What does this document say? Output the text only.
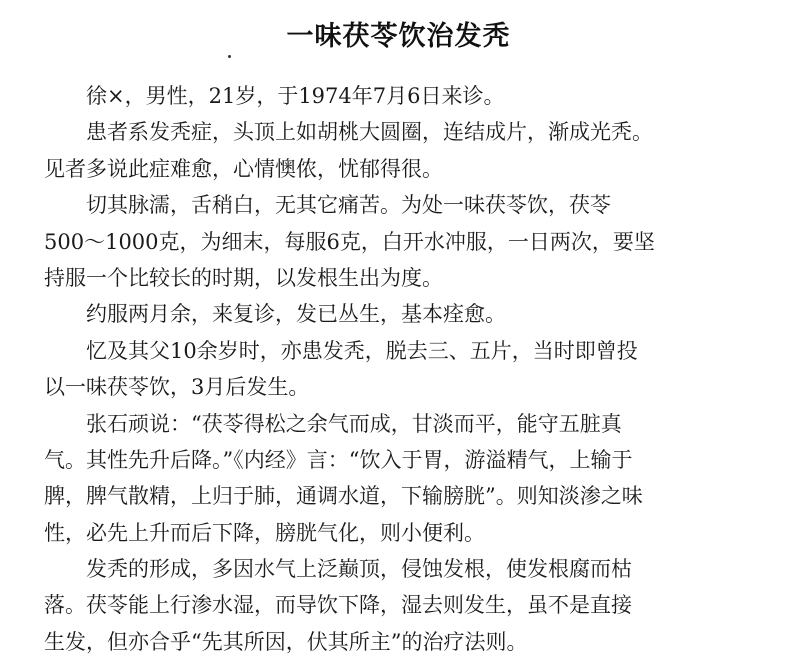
一味茯苓饮治发秃
徐×，男性，21岁，于1974年7月6日来诊。
患者系发秃症，头顶上如胡桃大圆圈，连结成片，渐成光秃。
见者多说此症难愈，心情懊侬，忧郁得很。
切其脉濡，舌稍白，无其它痛苦。为处一味茯苓饮，茯苓
500～1000克，为细末，每服6克，白开水冲服，一日两次，要坚
持服一个比较长的时期，以发根生出为度。
约服两月余，来复诊，发已丛生，基本痊愈。
忆及其父10余岁时，亦患发秃，脱去三、五片，当时即曾投
以一味茯苓饮，3月后发生。
张石顽说：“茯苓得松之余气而成，甘淡而平，能守五脏真
气。其性先升后降。”《内经》言：“饮入于胃，游溢精气，上输于
脾，脾气散精，上归于肺，通调水道，下输膀胱”。则知淡渗之味
性，必先上升而后下降，膀胱气化，则小便利。
发秃的形成，多因水气上泛巅顶，侵蚀发根，使发根腐而枯
落。茯苓能上行渗水湿，而导饮下降，湿去则发生，虽不是直接
生发，但亦合乎“先其所因，伏其所主”的治疗法则。
